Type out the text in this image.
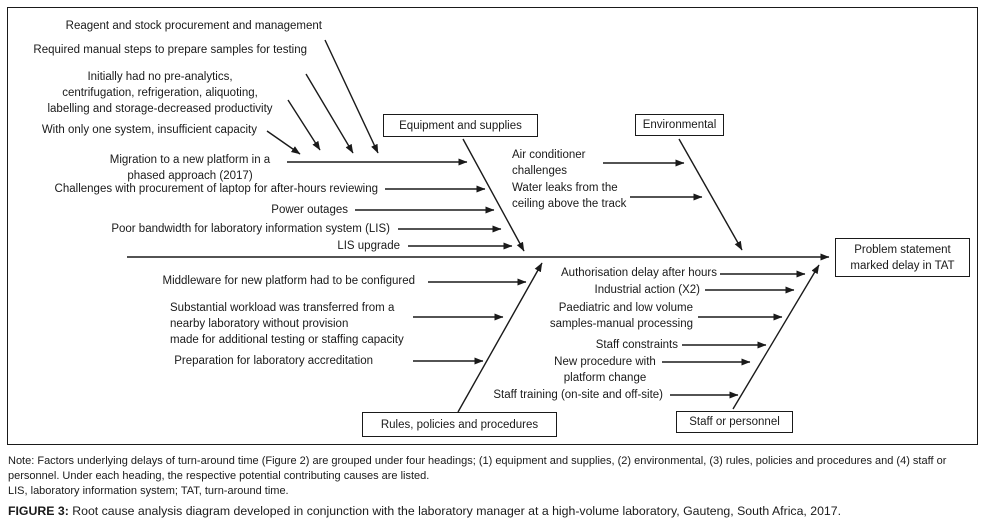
Equipment and supplies	Environmental
Rules, policies and procedures	Staff or personnel
Problem statement
marked delay in TAT
Reagent and stock procurement and management
Required manual steps to prepare samples for testing
Initially had no pre-analytics,
centrifugation, refrigeration, aliquoting,
labelling and storage-decreased productivity
With only one system, insufficient capacity
Migration to a new platform in a
phased approach (2017)
Challenges with procurement of laptop for after-hours reviewing
Power outages
Poor bandwidth for laboratory information system (LIS)
LIS upgrade
Air conditioner
challenges
Water leaks from the
ceiling above the track
Middleware for new platform had to be configured
Substantial workload was transferred from a
nearby laboratory without provision
made for additional testing or staffing capacity
Preparation for laboratory accreditation
Authorisation delay after hours
Industrial action (X2)
Paediatric and low volume
samples-manual processing
Staff constraints
New procedure with
platform change
Staff training (on-site and off-site)
Note: Factors underlying delays of turn-around time (Figure 2) are grouped under four headings; (1) equipment and supplies, (2) environmental, (3) rules, policies and procedures and (4) staff or personnel. Under each heading, the respective potential contributing causes are listed.
LIS, laboratory information system; TAT, turn-around time.
FIGURE 3: Root cause analysis diagram developed in conjunction with the laboratory manager at a high-volume laboratory, Gauteng, South Africa, 2017.
